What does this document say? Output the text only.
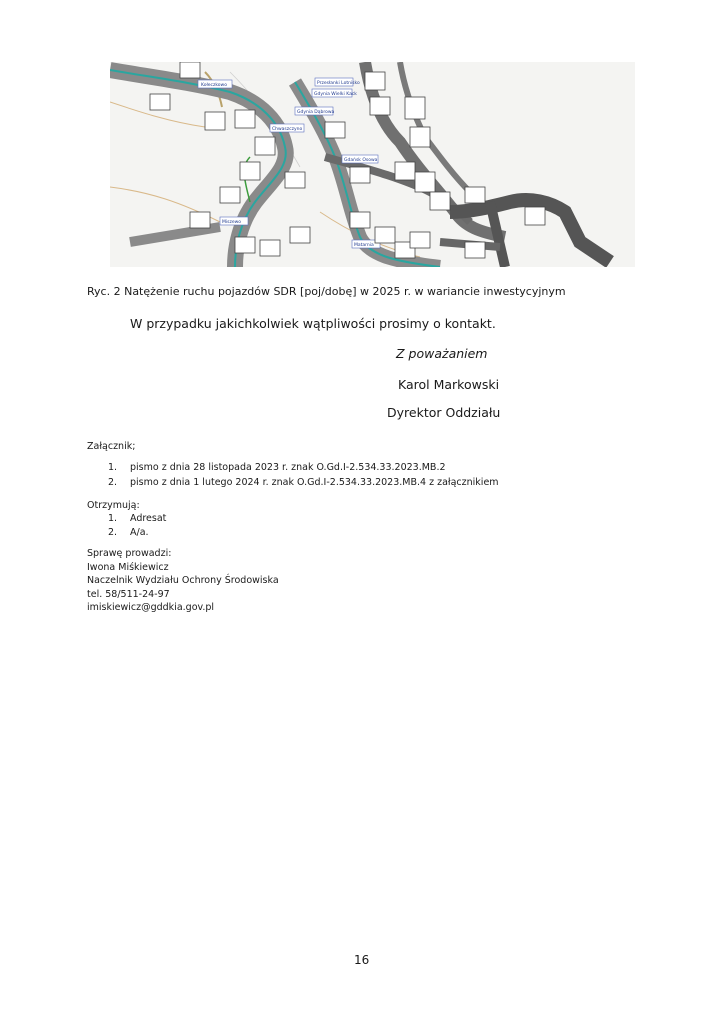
Kołeczkowo	Przesłanki Lotnisko
Gdynia Wielki Kack
Gdynia Dąbrowa
Chwaszczyno
Gdańsk Osowa
Miszewo
Matarnia
Ryc. 2 Natężenie ruchu pojazdów SDR [poj/dobę] w 2025 r. w wariancie inwestycyjnym
W przypadku jakichkolwiek wątpliwości prosimy o kontakt.
Z poważaniem
Karol Markowski
Dyrektor Oddziału
Załącznik;
1.	pismo z dnia 28 listopada 2023 r. znak O.Gd.I-2.534.33.2023.MB.2
2.	pismo z dnia 1 lutego 2024 r. znak O.Gd.I-2.534.33.2023.MB.4 z załącznikiem
Otrzymują:
1.	Adresat
2.	A/a.
Sprawę prowadzi:
Iwona Miśkiewicz
Naczelnik Wydziału Ochrony Środowiska
tel. 58/511-24-97
imiskiewicz@gddkia.gov.pl
16
